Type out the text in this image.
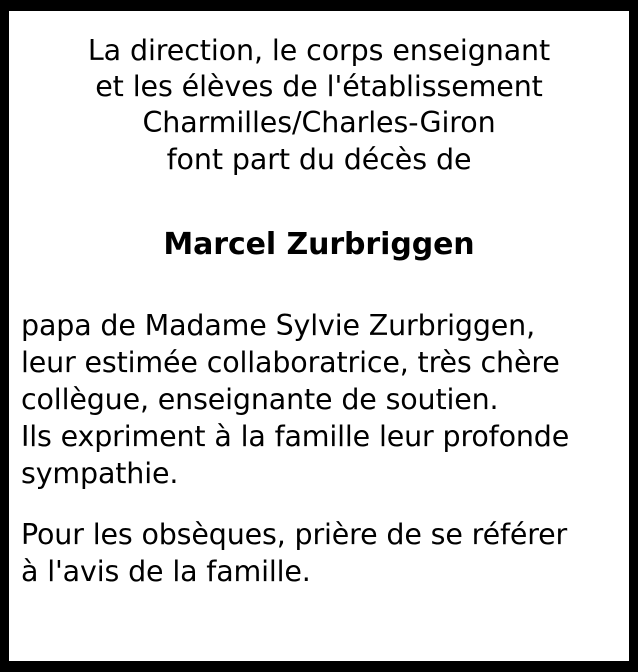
La direction, le corps enseignant
et les élèves de l'établissement
Charmilles/Charles-Giron
font part du décès de
Marcel Zurbriggen
papa de Madame Sylvie Zurbriggen,
leur estimée collaboratrice, très chère
collègue, enseignante de soutien.
Ils expriment à la famille leur profonde
sympathie.
Pour les obsèques, prière de se référer
à l'avis de la famille.
